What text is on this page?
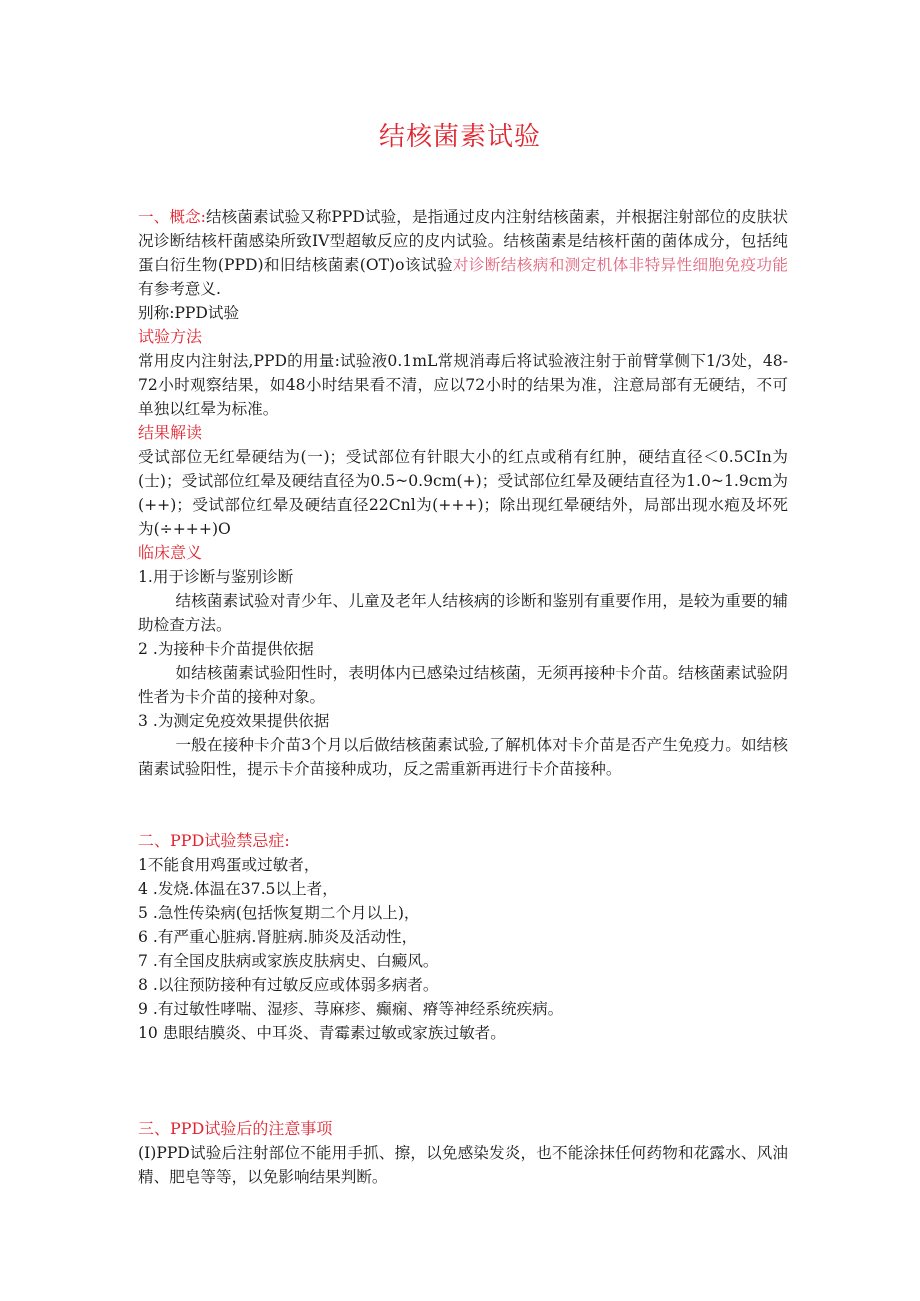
结核菌素试验

一、概念:结核菌素试验又称PPD试验，是指通过皮内注射结核菌素，并根据注射部位的皮肤状况诊断结核杆菌感染所致IV型超敏反应的皮内试验。结核菌素是结核杆菌的菌体成分，包括纯蛋白衍生物(PPD)和旧结核菌素(OT)o该试验对诊断结核病和测定机体非特异性细胞免疫功能有参考意义.

别称:PPD试验

试验方法

常用皮内注射法,PPD的用量:试验液0.1mL常规消毒后将试验液注射于前臂掌侧下1/3处，48-72小时观察结果，如48小时结果看不清，应以72小时的结果为准，注意局部有无硬结，不可单独以红晕为标准。

结果解读

受试部位无红晕硬结为(一)；受试部位有针眼大小的红点或稍有红肿，硬结直径＜0.5CIn为(士)；受试部位红晕及硬结直径为0.5~0.9cm(+)；受试部位红晕及硬结直径为1.0~1.9cm为(++)；受试部位红晕及硬结直径22Cnl为(+++)；除出现红晕硬结外，局部出现水疱及坏死为(÷+++)O

临床意义

1.用于诊断与鉴别诊断

结核菌素试验对青少年、儿童及老年人结核病的诊断和鉴别有重要作用，是较为重要的辅助检查方法。

2 .为接种卡介苗提供依据

如结核菌素试验阳性时，表明体内已感染过结核菌，无须再接种卡介苗。结核菌素试验阴性者为卡介苗的接种对象。

3 .为测定免疫效果提供依据

一般在接种卡介苗3个月以后做结核菌素试验,了解机体对卡介苗是否产生免疫力。如结核菌素试验阳性，提示卡介苗接种成功，反之需重新再进行卡介苗接种。

二、PPD试验禁忌症:

1不能食用鸡蛋或过敏者，

4 .发烧.体温在37.5以上者，

5 .急性传染病(包括恢复期二个月以上)，

6 .有严重心脏病.肾脏病.肺炎及活动性，

7 .有全国皮肤病或家族皮肤病史、白癜风。

8 .以往预防接种有过敏反应或体弱多病者。

9 .有过敏性哮喘、湿疹、荨麻疹、癫痫、瘠等神经系统疾病。

10 患眼结膜炎、中耳炎、青霉素过敏或家族过敏者。

三、PPD试验后的注意事项

(I)PPD试验后注射部位不能用手抓、擦，以免感染发炎，也不能涂抹任何药物和花露水、风油精、肥皂等等，以免影响结果判断。
